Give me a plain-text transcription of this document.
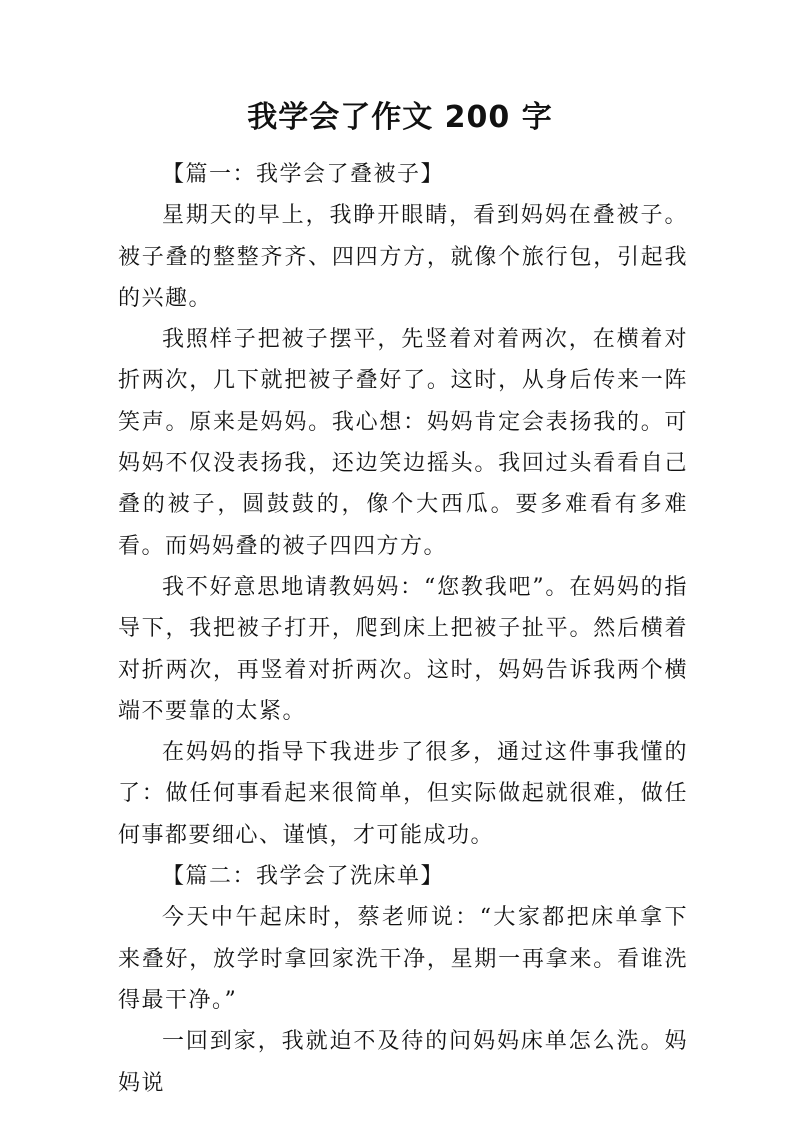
我学会了作文 200 字

【篇一：我学会了叠被子】

星期天的早上，我睁开眼睛，看到妈妈在叠被子。被子叠的整整齐齐、四四方方，就像个旅行包，引起我的兴趣。

我照样子把被子摆平，先竖着对着两次，在横着对折两次，几下就把被子叠好了。这时，从身后传来一阵笑声。原来是妈妈。我心想：妈妈肯定会表扬我的。可妈妈不仅没表扬我，还边笑边摇头。我回过头看看自己叠的被子，圆鼓鼓的，像个大西瓜。要多难看有多难看。而妈妈叠的被子四四方方。

我不好意思地请教妈妈：“您教我吧”。在妈妈的指导下，我把被子打开，爬到床上把被子扯平。然后横着对折两次，再竖着对折两次。这时，妈妈告诉我两个横端不要靠的太紧。

在妈妈的指导下我进步了很多，通过这件事我懂的了：做任何事看起来很简单，但实际做起就很难，做任何事都要细心、谨慎，才可能成功。

【篇二：我学会了洗床单】

今天中午起床时，蔡老师说：“大家都把床单拿下来叠好，放学时拿回家洗干净，星期一再拿来。看谁洗得最干净。”

一回到家，我就迫不及待的问妈妈床单怎么洗。妈妈说
